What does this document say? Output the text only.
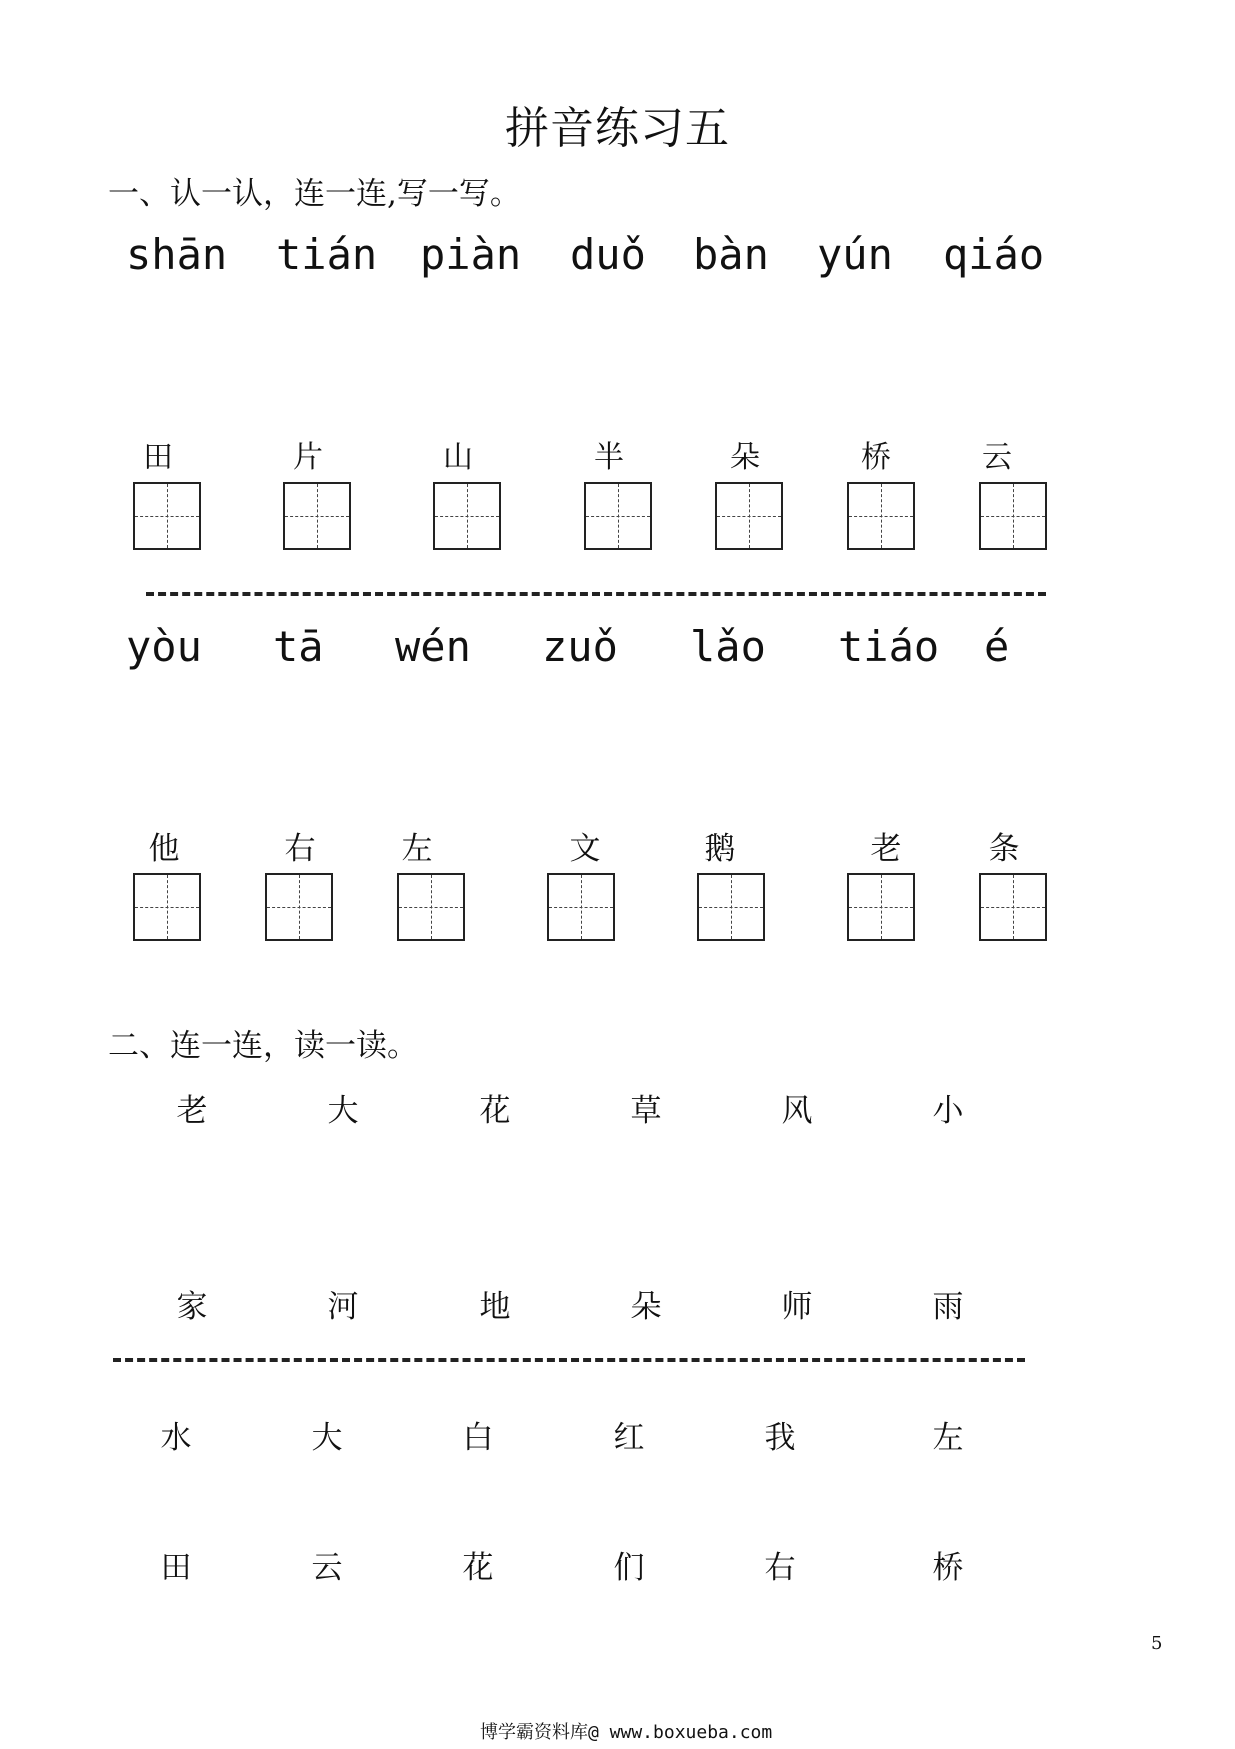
拼音练习五
一、认一认，连一连,写一写。
shān tián piàn duǒ bàn yún qiáo
田	片	山	半	朵	桥	云
yòu tā wén zuǒ lǎo tiáo é
他	右	左	文	鹅	老	条
二、连一连，读一读。
老	大	花	草	风	小
家	河	地	朵	师	雨
水	大	白	红	我	左
田	云	花	们	右	桥
5
博学霸资料库@ www.boxueba.com
